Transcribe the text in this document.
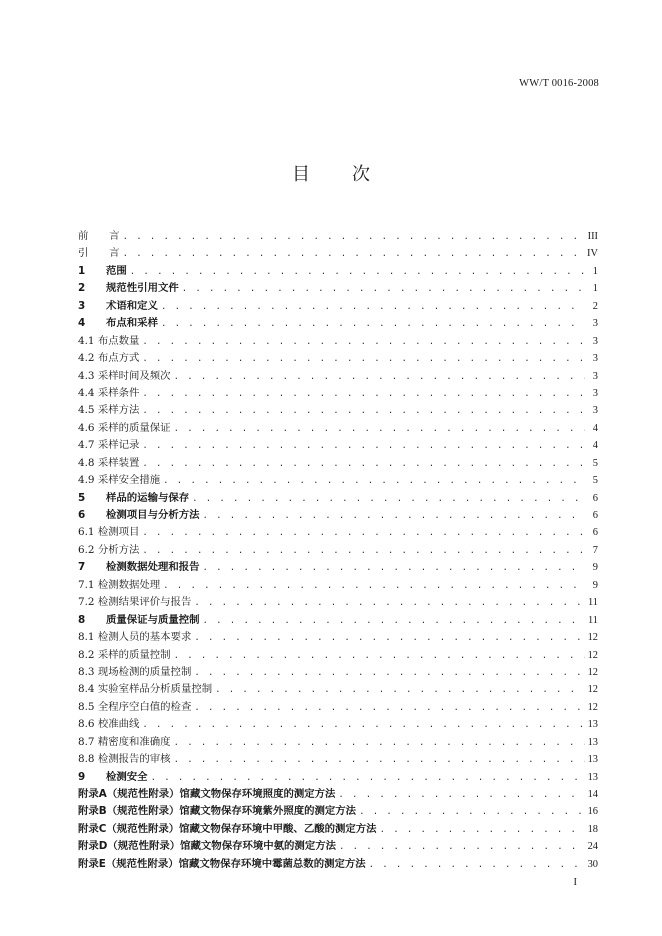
WW/T 0016-2008
目次
前　　言 . . .	III
引　　言 . . .	IV
1　　范围 . . .	1
2　　规范性引用文件 . . .	1
3　　术语和定义 . . .	2
4　　布点和采样 . . .	3
4.1 布点数量 . . .	3
4.2 布点方式 . . .	3
4.3 采样时间及频次 . . .	3
4.4 采样条件 . . .	3
4.5 采样方法 . . .	3
4.6 采样的质量保证 . . .	4
4.7 采样记录 . . .	4
4.8 采样装置 . . .	5
4.9 采样安全措施 . . .	5
5　　样品的运输与保存 . . .	6
6　　检测项目与分析方法 . . .	6
6.1 检测项目 . . .	6
6.2 分析方法 . . .	7
7　　检测数据处理和报告 . . .	9
7.1 检测数据处理 . . .	9
7.2 检测结果评价与报告 . . .	11
8　　质量保证与质量控制 . . .	11
8.1 检测人员的基本要求 . . .	12
8.2 采样的质量控制 . . .	12
8.3 现场检测的质量控制 . . .	12
8.4 实验室样品分析质量控制 . . .	12
8.5 全程序空白值的检查 . . .	12
8.6 校准曲线 . . .	13
8.7 精密度和准确度 . . .	13
8.8 检测报告的审核 . . .	13
9　　检测安全 . . .	13
附录A（规范性附录）馆藏文物保存环境照度的测定方法 . . .	14
附录B（规范性附录）馆藏文物保存环境紫外照度的测定方法 . . .	16
附录C（规范性附录）馆藏文物保存环境中甲酸、乙酸的测定方法 . . .	18
附录D（规范性附录）馆藏文物保存环境中氨的测定方法 . . .	24
附录E（规范性附录）馆藏文物保存环境中霉菌总数的测定方法 . . .	30
I
